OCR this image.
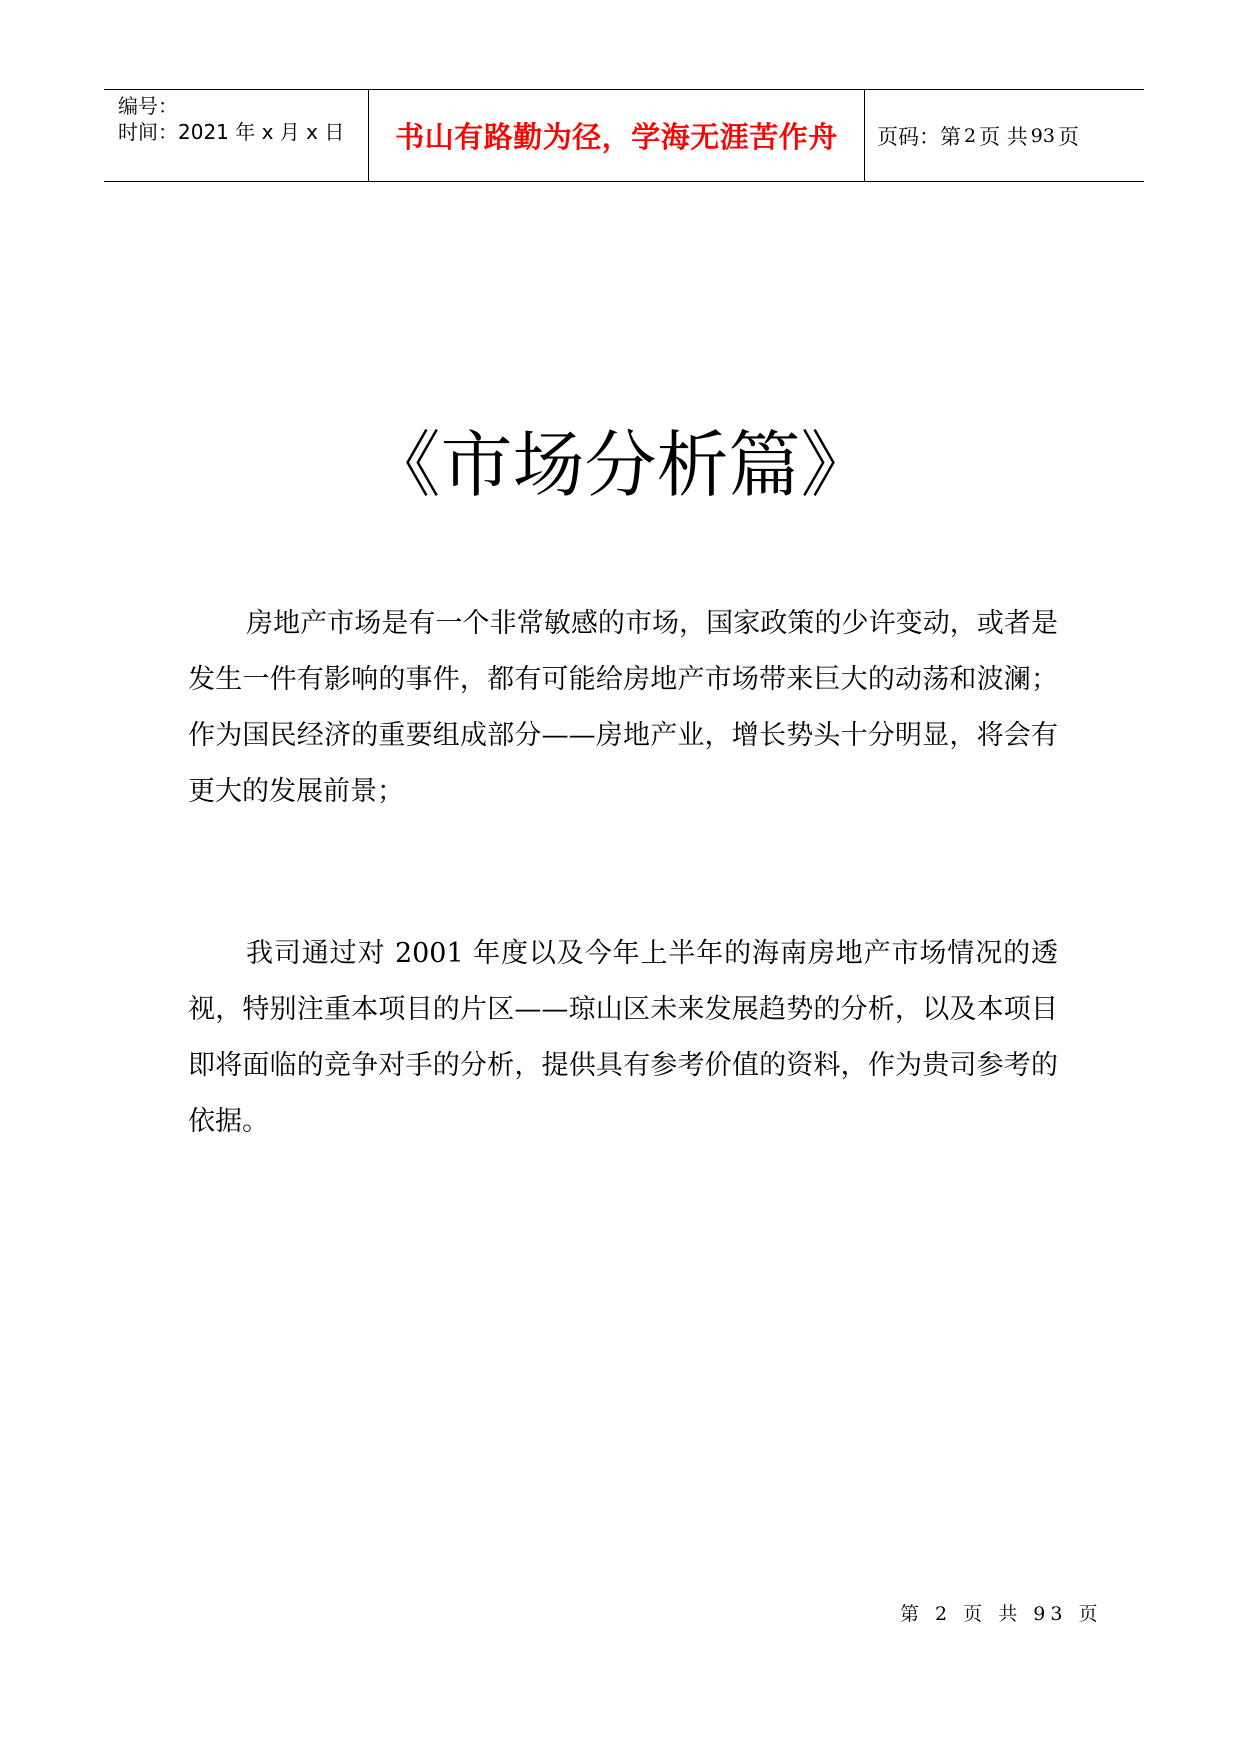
编号：
时间：2021 年 x 月 x 日	书山有路勤为径，学海无涯苦作舟	页码：第 2 页 共 93 页
《市场分析篇》

房地产市场是有一个非常敏感的市场，国家政策的少许变动，或者是发生一件有影响的事件，都有可能给房地产市场带来巨大的动荡和波澜；作为国民经济的重要组成部分——房地产业，增长势头十分明显，将会有更大的发展前景；

我司通过对 2001 年度以及今年上半年的海南房地产市场情况的透视，特别注重本项目的片区——琼山区未来发展趋势的分析，以及本项目即将面临的竞争对手的分析，提供具有参考价值的资料，作为贵司参考的依据。

第 2 页 共 93 页
